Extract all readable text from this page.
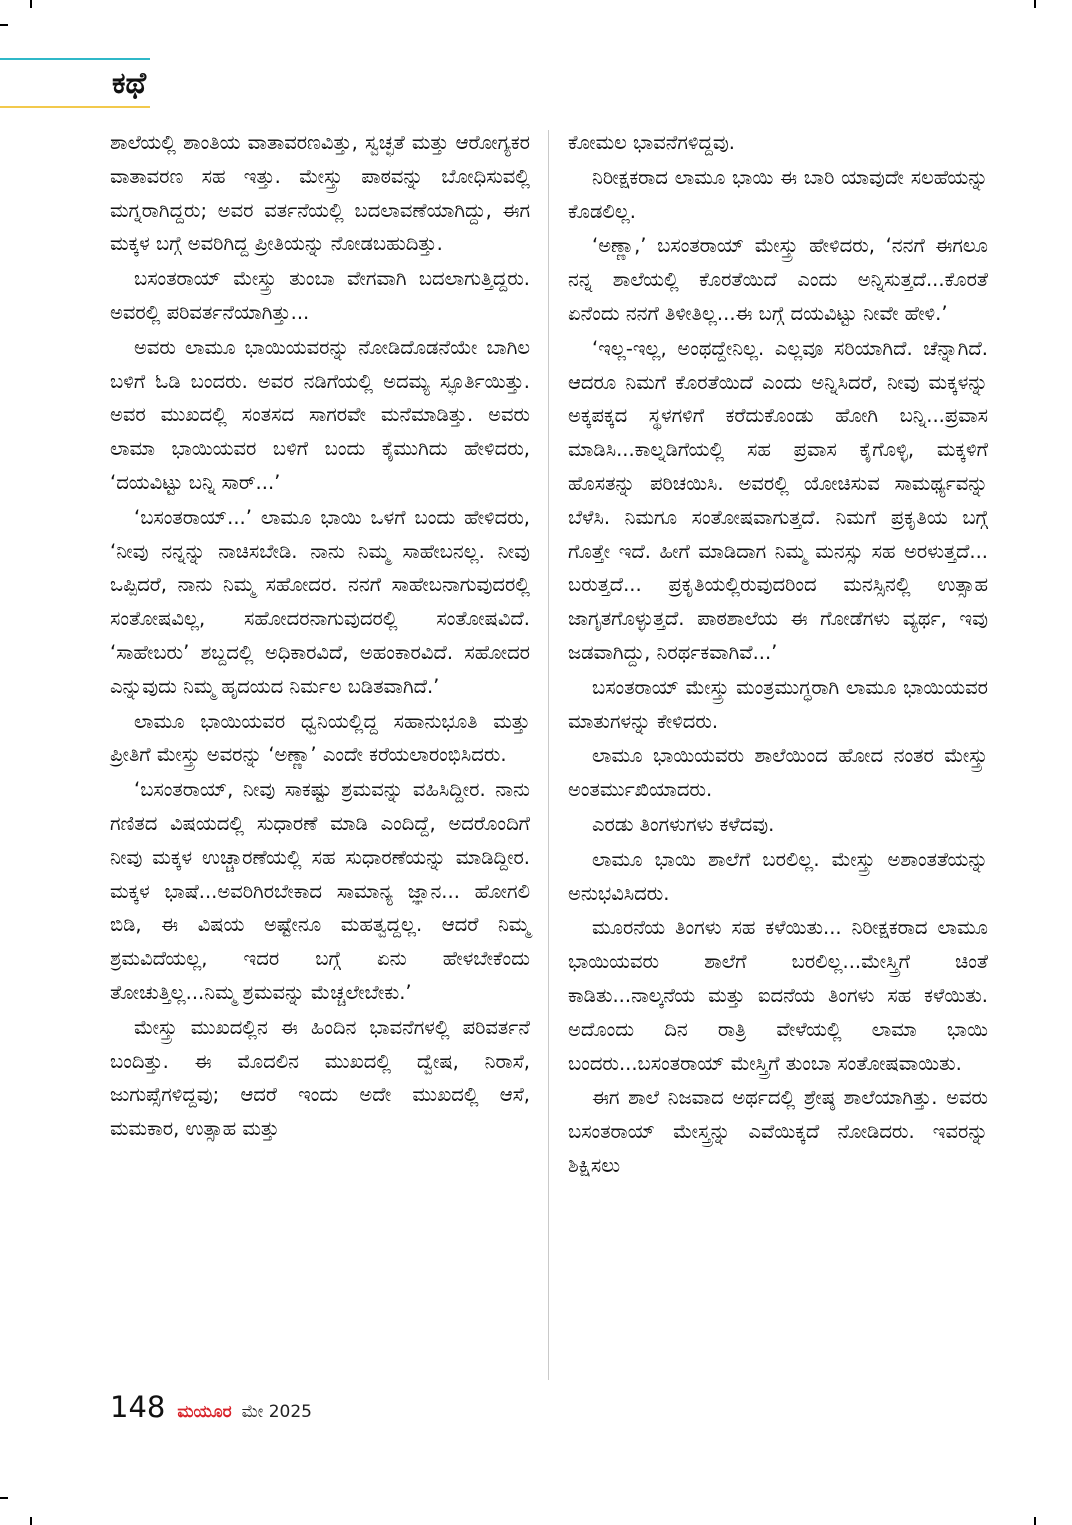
ಕಥೆ

ಶಾಲೆಯಲ್ಲಿ ಶಾಂತಿಯ ವಾತಾವರಣವಿತ್ತು, ಸ್ವಚ್ಛತೆ ಮತ್ತು ಆರೋಗ್ಯಕರ ವಾತಾವರಣ ಸಹ ಇತ್ತು. ಮೇಸ್ತ್ರು ಪಾಠವನ್ನು ಬೋಧಿಸುವಲ್ಲಿ ಮಗ್ನರಾಗಿದ್ದರು; ಅವರ ವರ್ತನೆಯಲ್ಲಿ ಬದಲಾವಣೆಯಾಗಿದ್ದು, ಈಗ ಮಕ್ಕಳ ಬಗ್ಗೆ ಅವರಿಗಿದ್ದ ಪ್ರೀತಿಯನ್ನು ನೋಡಬಹುದಿತ್ತು.

ಬಸಂತರಾಯ್ ಮೇಸ್ತ್ರು ತುಂಬಾ ವೇಗವಾಗಿ ಬದಲಾಗುತ್ತಿದ್ದರು. ಅವರಲ್ಲಿ ಪರಿವರ್ತನೆಯಾಗಿತ್ತು...

ಅವರು ಲಾಮೂ ಭಾಯಿಯವರನ್ನು ನೋಡಿದೊಡನೆಯೇ ಬಾಗಿಲ ಬಳಿಗೆ ಓಡಿ ಬಂದರು. ಅವರ ನಡಿಗೆಯಲ್ಲಿ ಅದಮ್ಯ ಸ್ಫೂರ್ತಿಯಿತ್ತು. ಅವರ ಮುಖದಲ್ಲಿ ಸಂತಸದ ಸಾಗರವೇ ಮನೆಮಾಡಿತ್ತು. ಅವರು ಲಾಮಾ ಭಾಯಿಯವರ ಬಳಿಗೆ ಬಂದು ಕೈಮುಗಿದು ಹೇಳಿದರು, ‘ದಯವಿಟ್ಟು ಬನ್ನಿ ಸಾರ್...’

‘ಬಸಂತರಾಯ್...’ ಲಾಮೂ ಭಾಯಿ ಒಳಗೆ ಬಂದು ಹೇಳಿದರು, ‘ನೀವು ನನ್ನನ್ನು ನಾಚಿಸಬೇಡಿ. ನಾನು ನಿಮ್ಮ ಸಾಹೇಬನಲ್ಲ. ನೀವು ಒಪ್ಪಿದರೆ, ನಾನು ನಿಮ್ಮ ಸಹೋದರ. ನನಗೆ ಸಾಹೇಬನಾಗುವುದರಲ್ಲಿ ಸಂತೋಷವಿಲ್ಲ, ಸಹೋದರನಾಗುವುದರಲ್ಲಿ ಸಂತೋಷವಿದೆ. ‘ಸಾಹೇಬರು’ ಶಬ್ದದಲ್ಲಿ ಅಧಿಕಾರವಿದೆ, ಅಹಂಕಾರವಿದೆ. ಸಹೋದರ ಎನ್ನುವುದು ನಿಮ್ಮ ಹೃದಯದ ನಿರ್ಮಲ ಬಡಿತವಾಗಿದೆ.’

ಲಾಮೂ ಭಾಯಿಯವರ ಧ್ವನಿಯಲ್ಲಿದ್ದ ಸಹಾನುಭೂತಿ ಮತ್ತು ಪ್ರೀತಿಗೆ ಮೇಸ್ತ್ರು ಅವರನ್ನು ‘ಅಣ್ಣಾ’ ಎಂದೇ ಕರೆಯಲಾರಂಭಿಸಿದರು.

‘ಬಸಂತರಾಯ್, ನೀವು ಸಾಕಷ್ಟು ಶ್ರಮವನ್ನು ವಹಿಸಿದ್ದೀರ. ನಾನು ಗಣಿತದ ವಿಷಯದಲ್ಲಿ ಸುಧಾರಣೆ ಮಾಡಿ ಎಂದಿದ್ದೆ, ಅದರೊಂದಿಗೆ ನೀವು ಮಕ್ಕಳ ಉಚ್ಚಾರಣೆಯಲ್ಲಿ ಸಹ ಸುಧಾರಣೆಯನ್ನು ಮಾಡಿದ್ದೀರ. ಮಕ್ಕಳ ಭಾಷೆ...ಅವರಿಗಿರಬೇಕಾದ ಸಾಮಾನ್ಯ ಜ್ಞಾನ... ಹೋಗಲಿ ಬಿಡಿ, ಈ ವಿಷಯ ಅಷ್ಟೇನೂ ಮಹತ್ವದ್ದಲ್ಲ. ಆದರೆ ನಿಮ್ಮ ಶ್ರಮವಿದೆಯಲ್ಲ, ಇದರ ಬಗ್ಗೆ ಏನು ಹೇಳಬೇಕೆಂದು ತೋಚುತ್ತಿಲ್ಲ...ನಿಮ್ಮ ಶ್ರಮವನ್ನು ಮೆಚ್ಚಲೇಬೇಕು.’

ಮೇಸ್ತ್ರು ಮುಖದಲ್ಲಿನ ಈ ಹಿಂದಿನ ಭಾವನೆಗಳಲ್ಲಿ ಪರಿವರ್ತನೆ ಬಂದಿತ್ತು. ಈ ಮೊದಲಿನ ಮುಖದಲ್ಲಿ ದ್ವೇಷ, ನಿರಾಸೆ, ಜುಗುಪ್ಸೆಗಳಿದ್ದವು; ಆದರೆ ಇಂದು ಅದೇ ಮುಖದಲ್ಲಿ ಆಸೆ, ಮಮಕಾರ, ಉತ್ಸಾಹ ಮತ್ತು

ಕೋಮಲ ಭಾವನೆಗಳಿದ್ದವು.

ನಿರೀಕ್ಷಕರಾದ ಲಾಮೂ ಭಾಯಿ ಈ ಬಾರಿ ಯಾವುದೇ ಸಲಹೆಯನ್ನು ಕೊಡಲಿಲ್ಲ.

‘ಅಣ್ಣಾ,’ ಬಸಂತರಾಯ್ ಮೇಸ್ತ್ರು ಹೇಳಿದರು, ‘ನನಗೆ ಈಗಲೂ ನನ್ನ ಶಾಲೆಯಲ್ಲಿ ಕೊರತೆಯಿದೆ ಎಂದು ಅನ್ನಿಸುತ್ತದೆ...ಕೊರತೆ ಏನೆಂದು ನನಗೆ ತಿಳೀತಿಲ್ಲ...ಈ ಬಗ್ಗೆ ದಯವಿಟ್ಟು ನೀವೇ ಹೇಳಿ.’

‘ಇಲ್ಲ-ಇಲ್ಲ, ಅಂಥದ್ದೇನಿಲ್ಲ. ಎಲ್ಲವೂ ಸರಿಯಾಗಿದೆ. ಚೆನ್ನಾಗಿದೆ. ಆದರೂ ನಿಮಗೆ ಕೊರತೆಯಿದೆ ಎಂದು ಅನ್ನಿಸಿದರೆ, ನೀವು ಮಕ್ಕಳನ್ನು ಅಕ್ಕಪಕ್ಕದ ಸ್ಥಳಗಳಿಗೆ ಕರೆದುಕೊಂಡು ಹೋಗಿ ಬನ್ನಿ...ಪ್ರವಾಸ ಮಾಡಿಸಿ...ಕಾಲ್ನಡಿಗೆಯಲ್ಲಿ ಸಹ ಪ್ರವಾಸ ಕೈಗೊಳ್ಳಿ, ಮಕ್ಕಳಿಗೆ ಹೊಸತನ್ನು ಪರಿಚಯಿಸಿ. ಅವರಲ್ಲಿ ಯೋಚಿಸುವ ಸಾಮರ್ಥ್ಯವನ್ನು ಬೆಳೆಸಿ. ನಿಮಗೂ ಸಂತೋಷವಾಗುತ್ತದೆ. ನಿಮಗೆ ಪ್ರಕೃತಿಯ ಬಗ್ಗೆ ಗೊತ್ತೇ ಇದೆ. ಹೀಗೆ ಮಾಡಿದಾಗ ನಿಮ್ಮ ಮನಸ್ಸು ಸಹ ಅರಳುತ್ತದೆ... ಬರುತ್ತದೆ... ಪ್ರಕೃತಿಯಲ್ಲಿರುವುದರಿಂದ ಮನಸ್ಸಿನಲ್ಲಿ ಉತ್ಸಾಹ ಜಾಗೃತಗೊಳ್ಳುತ್ತದೆ. ಪಾಠಶಾಲೆಯ ಈ ಗೋಡೆಗಳು ವ್ಯರ್ಥ, ಇವು ಜಡವಾಗಿದ್ದು, ನಿರರ್ಥಕವಾಗಿವೆ...’

ಬಸಂತರಾಯ್ ಮೇಸ್ತ್ರು ಮಂತ್ರಮುಗ್ಧರಾಗಿ ಲಾಮೂ ಭಾಯಿಯವರ ಮಾತುಗಳನ್ನು ಕೇಳಿದರು.

ಲಾಮೂ ಭಾಯಿಯವರು ಶಾಲೆಯಿಂದ ಹೋದ ನಂತರ ಮೇಸ್ತ್ರು ಅಂತರ್ಮುಖಿಯಾದರು.

ಎರಡು ತಿಂಗಳುಗಳು ಕಳೆದವು.

ಲಾಮೂ ಭಾಯಿ ಶಾಲೆಗೆ ಬರಲಿಲ್ಲ. ಮೇಸ್ತ್ರು ಅಶಾಂತತೆಯನ್ನು ಅನುಭವಿಸಿದರು.

ಮೂರನೆಯ ತಿಂಗಳು ಸಹ ಕಳೆಯಿತು... ನಿರೀಕ್ಷಕರಾದ ಲಾಮೂ ಭಾಯಿಯವರು ಶಾಲೆಗೆ ಬರಲಿಲ್ಲ...ಮೇಸ್ತ್ರಿಗೆ ಚಿಂತೆ ಕಾಡಿತು...ನಾಲ್ಕನೆಯ ಮತ್ತು ಐದನೆಯ ತಿಂಗಳು ಸಹ ಕಳೆಯಿತು. ಅದೊಂದು ದಿನ ರಾತ್ರಿ ವೇಳೆಯಲ್ಲಿ ಲಾಮಾ ಭಾಯಿ ಬಂದರು...ಬಸಂತರಾಯ್ ಮೇಸ್ತ್ರಿಗೆ ತುಂಬಾ ಸಂತೋಷವಾಯಿತು.

ಈಗ ಶಾಲೆ ನಿಜವಾದ ಅರ್ಥದಲ್ಲಿ ಶ್ರೇಷ್ಠ ಶಾಲೆಯಾಗಿತ್ತು. ಅವರು ಬಸಂತರಾಯ್ ಮೇಸ್ತ್ರನ್ನು ಎವೆಯಿಕ್ಕದೆ ನೋಡಿದರು. ಇವರನ್ನು ಶಿಕ್ಷಿಸಲು

148 ಮಯೂರ ಮೇ 2025
